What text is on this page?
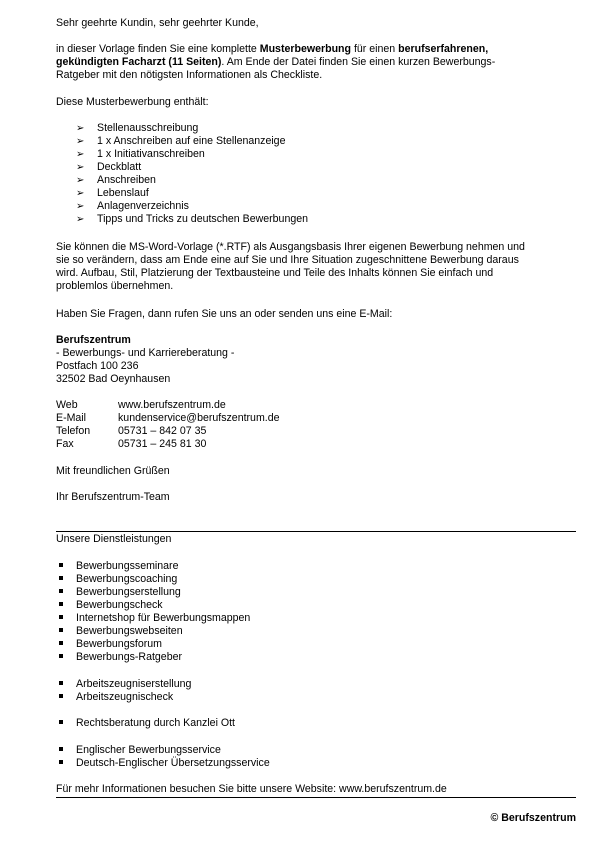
Sehr geehrte Kundin, sehr geehrter Kunde,
in dieser Vorlage finden Sie eine komplette Musterbewerbung für einen berufserfahrenen,
gekündigten Facharzt (11 Seiten). Am Ende der Datei finden Sie einen kurzen Bewerbungs-
Ratgeber mit den nötigsten Informationen als Checkliste.
Diese Musterbewerbung enthält:
➢ Stellenausschreibung
➢ 1 x Anschreiben auf eine Stellenanzeige
➢ 1 x Initiativanschreiben
➢ Deckblatt
➢ Anschreiben
➢ Lebenslauf
➢ Anlagenverzeichnis
➢ Tipps und Tricks zu deutschen Bewerbungen
Sie können die MS-Word-Vorlage (*.RTF) als Ausgangsbasis Ihrer eigenen Bewerbung nehmen und
sie so verändern, dass am Ende eine auf Sie und Ihre Situation zugeschnittene Bewerbung daraus
wird. Aufbau, Stil, Platzierung der Textbausteine und Teile des Inhalts können Sie einfach und
problemlos übernehmen.
Haben Sie Fragen, dann rufen Sie uns an oder senden uns eine E-Mail:
Berufszentrum
- Bewerbungs- und Karriereberatung -
Postfach 100 236
32502 Bad Oeynhausen
Web	www.berufszentrum.de
E-Mail	kundenservice@berufszentrum.de
Telefon	05731 – 842 07 35
Fax	05731 – 245 81 30
Mit freundlichen Grüßen
Ihr Berufszentrum-Team
Unsere Dienstleistungen
Bewerbungsseminare
Bewerbungscoaching
Bewerbungserstellung
Bewerbungscheck
Internetshop für Bewerbungsmappen
Bewerbungswebseiten
Bewerbungsforum
Bewerbungs-Ratgeber
Arbeitszeugniserstellung
Arbeitszeugnischeck
Rechtsberatung durch Kanzlei Ott
Englischer Bewerbungsservice
Deutsch-Englischer Übersetzungsservice
Für mehr Informationen besuchen Sie bitte unsere Website: www.berufszentrum.de
© Berufszentrum
